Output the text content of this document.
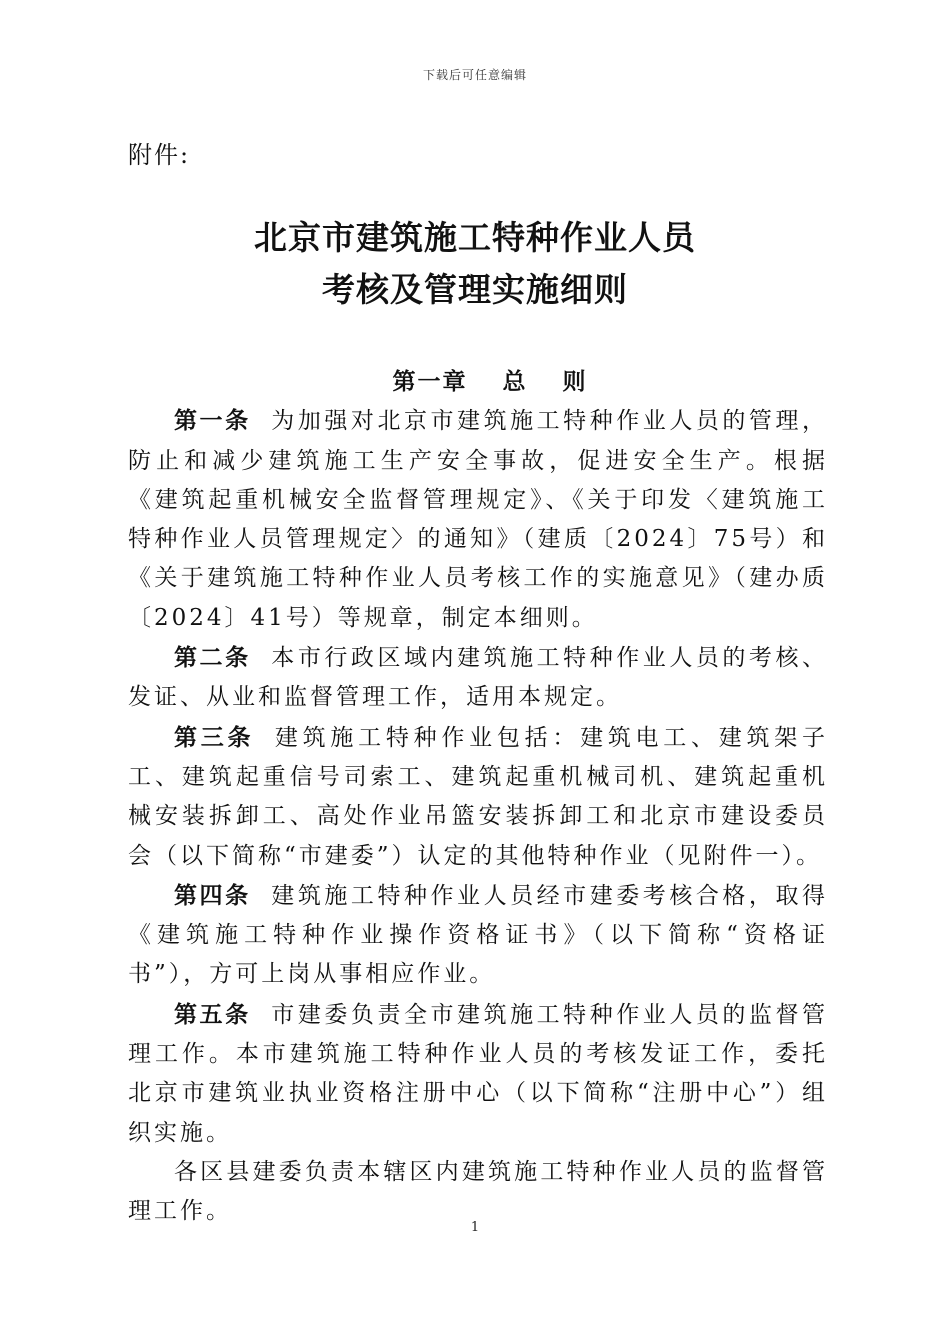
下载后可任意编辑
附件:
北京市建筑施工特种作业人员
考核及管理实施细则
第一章　 总　 则

第一条 为加强对北京市建筑施工特种作业人员的管理，防止和减少建筑施工生产安全事故，促进安全生产。根据《建筑起重机械安全监督管理规定》、《关于印发〈建筑施工特种作业人员管理规定〉的通知》（建质〔2024〕75号）和《关于建筑施工特种作业人员考核工作的实施意见》（建办质〔2024〕41号）等规章，制定本细则。

第二条 本市行政区域内建筑施工特种作业人员的考核、发证、从业和监督管理工作，适用本规定。

第三条 建筑施工特种作业包括：建筑电工、建筑架子工、建筑起重信号司索工、建筑起重机械司机、建筑起重机械安装拆卸工、高处作业吊篮安装拆卸工和北京市建设委员会（以下简称“市建委”）认定的其他特种作业（见附件一）。

第四条 建筑施工特种作业人员经市建委考核合格，取得《建筑施工特种作业操作资格证书》（以下简称“资格证书”），方可上岗从事相应作业。

第五条 市建委负责全市建筑施工特种作业人员的监督管理工作。本市建筑施工特种作业人员的考核发证工作，委托北京市建筑业执业资格注册中心（以下简称“注册中心”）组织实施。

各区县建委负责本辖区内建筑施工特种作业人员的监督管理工作。

1
